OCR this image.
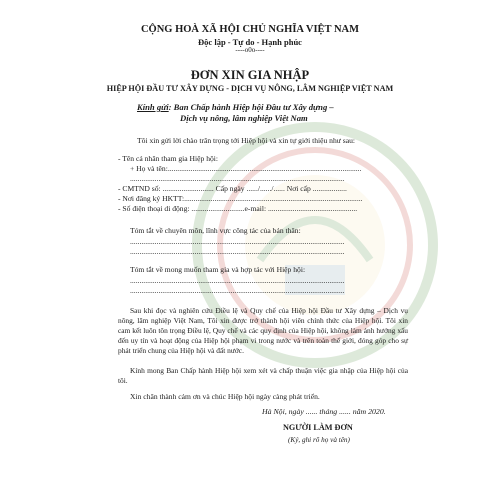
CỘNG HOÀ XÃ HỘI CHỦ NGHĨA VIỆT NAM
Độc lập - Tự do - Hạnh phúc
----o0o----
ĐƠN XIN GIA NHẬP
HIỆP HỘI ĐẦU TƯ XÂY DỰNG - DỊCH VỤ NÔNG, LÂM NGHIỆP VIỆT NAM
Kính gửi: Ban Chấp hành Hiệp hội Đầu tư Xây dựng –
Dịch vụ nông, lâm nghiệp Việt Nam
Tôi xin gửi lời chào trân trọng tới Hiệp hội và xin tự giới thiệu như sau:
- Tên cá nhân tham gia Hiệp hội:
+ Họ và tên:......................................................................................................
.................................................................................................................
- CMTND số: ........................... Cấp ngày ....../....../...... Nơi cấp ..................
- Nơi đăng ký HKTT:..............................................................................................
- Số điện thoại di động: ............................e-mail: ...............................................
Tóm tắt về chuyên môn, lĩnh vực công tác của bản thân:
.................................................................................................................
.................................................................................................................
Tóm tắt về mong muốn tham gia và hợp tác với Hiệp hội:
.................................................................................................................
.................................................................................................................
Sau khi đọc và nghiên cứu Điều lệ và Quy chế của Hiệp hội Đầu tư Xây dựng – Dịch vụ nông, lâm nghiệp Việt Nam, Tôi xin được trở thành hội viên chính thức của Hiệp hội. Tôi xin cam kết luôn tôn trọng Điều lệ, Quy chế và các quy định của Hiệp hội, không làm ảnh hưởng xấu đến uy tín và hoạt động của Hiệp hội phạm vi trong nước và trên toàn thế giới, đóng góp cho sự phát triển chung của Hiệp hội và đất nước.
Kính mong Ban Chấp hành Hiệp hội xem xét và chấp thuận việc gia nhập của Hiệp hội của tôi.
Xin chân thành cảm ơn và chúc Hiệp hội ngày càng phát triển.
Hà Nội, ngày ...... tháng ...... năm 2020.
NGƯỜI LÀM ĐƠN
(Ký, ghi rõ họ và tên)
